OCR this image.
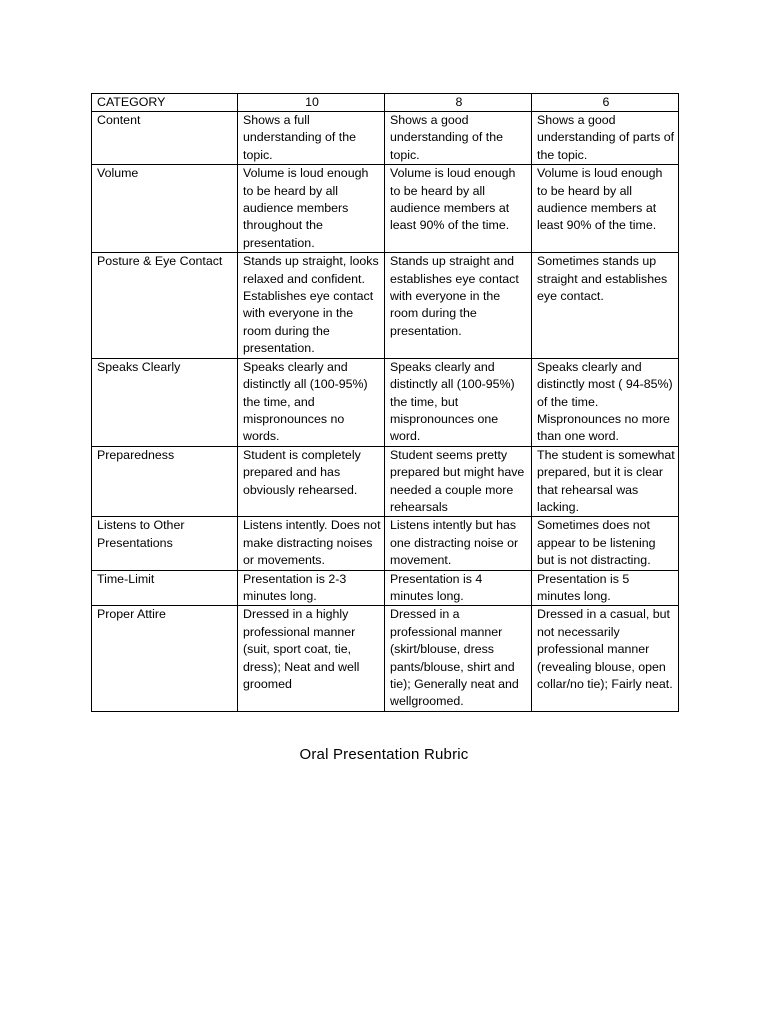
CATEGORY	10	8	6
Content	Shows a full understanding of the topic.	Shows a good understanding of the topic.	Shows a good understanding of parts of the topic.
Volume	Volume is loud enough to be heard by all audience members throughout the presentation.	Volume is loud enough to be heard by all audience members at least 90% of the time.	Volume is loud enough to be heard by all audience members at least 90% of the time.
Posture & Eye Contact	Stands up straight, looks relaxed and confident. Establishes eye contact with everyone in the room during the presentation.	Stands up straight and establishes eye contact with everyone in the room during the presentation.	Sometimes stands up straight and establishes eye contact.
Speaks Clearly	Speaks clearly and distinctly all (100-95%) the time, and mispronounces no words.	Speaks clearly and distinctly all (100-95%) the time, but mispronounces one word.	Speaks clearly and distinctly most ( 94-85%) of the time. Mispronounces no more than one word.
Preparedness	Student is completely prepared and has obviously rehearsed.	Student seems pretty prepared but might have needed a couple more rehearsals	The student is somewhat prepared, but it is clear that rehearsal was lacking.
Listens to Other Presentations	Listens intently. Does not make distracting noises or movements.	Listens intently but has one distracting noise or movement.	Sometimes does not appear to be listening but is not distracting.
Time-Limit	Presentation is 2-3 minutes long.	Presentation is 4 minutes long.	Presentation is 5 minutes long.
Proper Attire	Dressed in a highly professional manner (suit, sport coat, tie, dress); Neat and well groomed	Dressed in a professional manner (skirt/blouse, dress pants/blouse, shirt and tie); Generally neat and wellgroomed.	Dressed in a casual, but not necessarily professional manner (revealing blouse, open collar/no tie); Fairly neat.
Oral Presentation Rubric
